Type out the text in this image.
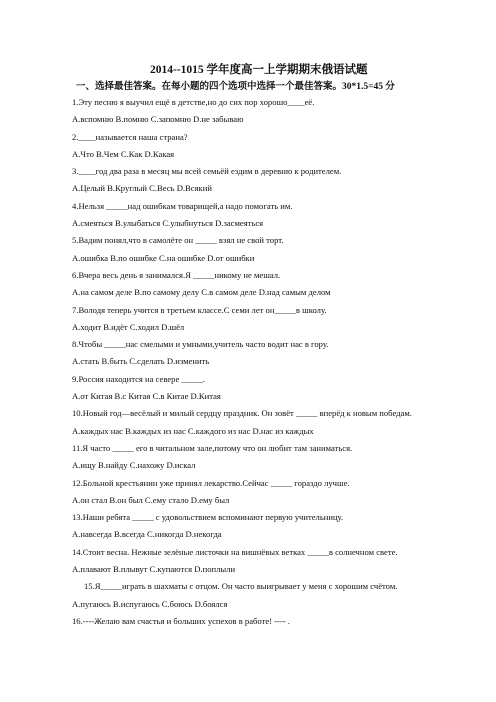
2014--1015 学年度高一上学期期末俄语试题
一、选择最佳答案。在每小题的四个选项中选择一个最佳答案。30*1.5=45 分
1.Эту песню я выучил ещё в детстве,но до сих пор хорошо____её.
A.вспомню B.помню C.запомню D.не забываю
2.____называется наша страна?
A.Что B.Чем C.Как D.Какая
3.____год два раза в месяц мы всей семьёй ездим в деревню к родителем.
A.Целый B.Круглый C.Весь D.Всякий
4.Нельзя _____над ошибкам товарищей,а надо помогать им.
A.смеяться B.улыбаться C.улыбнуться D.засмеяться
5.Вадим понял,что в самолёте он _____ взял не свой торт.
A.ошибка B.по ошибке C.на ошибке D.от ошибки
6.Вчера весь день я занимался.Я _____никому не мешал.
A.на самом деле B.по самому делу C.в самом деле D.над самым делом
7.Володя теперь учится в третьем классе.С семи лет он_____в школу.
A.ходит B.идёт C.ходил D.шёл
8.Чтобы _____нас смелыми и умными,учитель часто водит нас в гору.
A.стать B.быть C.сделать D.изменить
9.Россия находится на севере _____.
A.от Китая B.с Китая C.в Китае D.Китая
10.Новый год—весёлый и милый сердцу праздник. Он зовёт _____ вперёд к новым победам.
A.каждых нас B.каждых из нас C.каждого из нас D.нас из каждых
11.Я часто _____ его в читальном зале,потому что он любит там заниматься.
A.ищу B.найду C.нахожу D.искал
12.Больной крестьянин уже принял лекарство.Сейчас _____ гораздо лучше.
A.он стал B.он был C.ему стало D.ему был
13.Наши ребята _____ с удовольствием вспоминают первую учительницу.
A.навсегда B.всегда C.никогда D.некогда
14.Стоит весна. Нежные зелёные листочки на вишнёвых ветках _____в солнечном свете.
A.плавают B.плывут C.купаются D.поплыли
15.Я_____играть в шахматы с отцом. Он часто выигрывает у меня с хорошим счётом.
A.пугаюсь B.испугаюсь C.боюсь D.боялся
16.----Желаю вам счастья и больших успехов в работе! ---- .
